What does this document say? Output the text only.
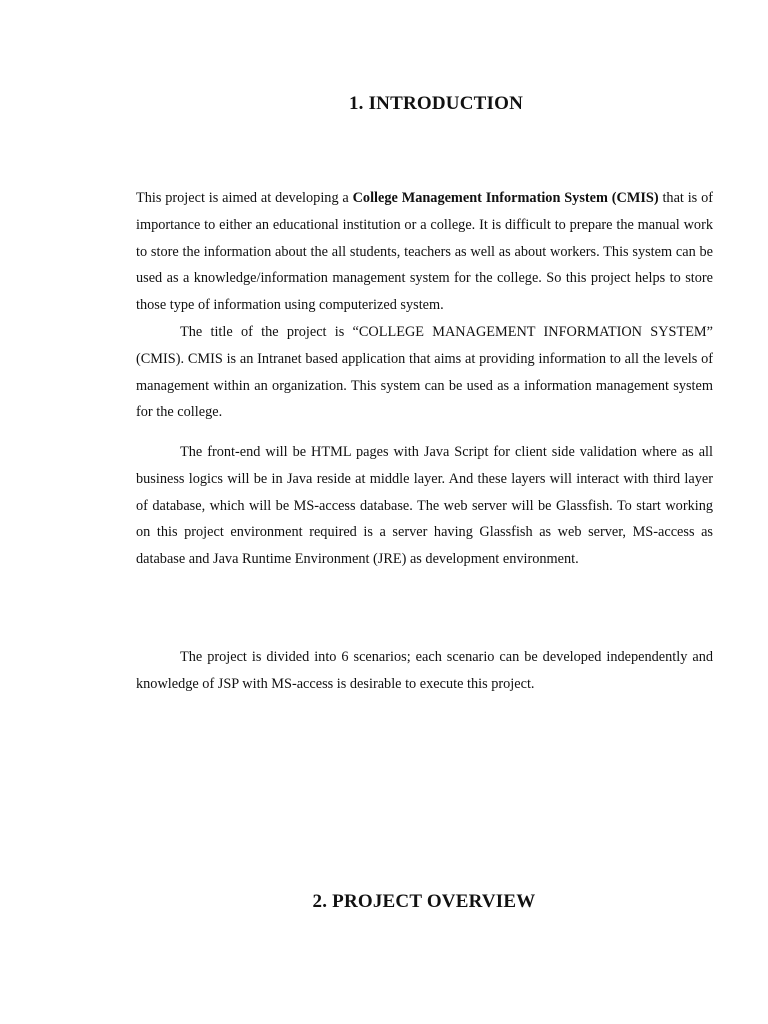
1. INTRODUCTION

This project is aimed at developing a College Management Information System (CMIS) that is of importance to either an educational institution or a college. It is difficult to prepare the manual work to store the information about the all students, teachers as well as about workers. This system can be used as a knowledge/information management system for the college. So this project helps to store those type of information using computerized system.

The title of the project is “COLLEGE MANAGEMENT INFORMATION SYSTEM” (CMIS). CMIS is an Intranet based application that aims at providing information to all the levels of management within an organization. This system can be used as a information management system for the college.

The front-end will be HTML pages with Java Script for client side validation where as all business logics will be in Java reside at middle layer. And these layers will interact with third layer of database, which will be MS-access database. The web server will be Glassfish. To start working on this project environment required is a server having Glassfish as web server, MS-access as database and Java Runtime Environment (JRE) as development environment.

The project is divided into 6 scenarios; each scenario can be developed independently and knowledge of JSP with MS-access is desirable to execute this project.

2. PROJECT OVERVIEW
